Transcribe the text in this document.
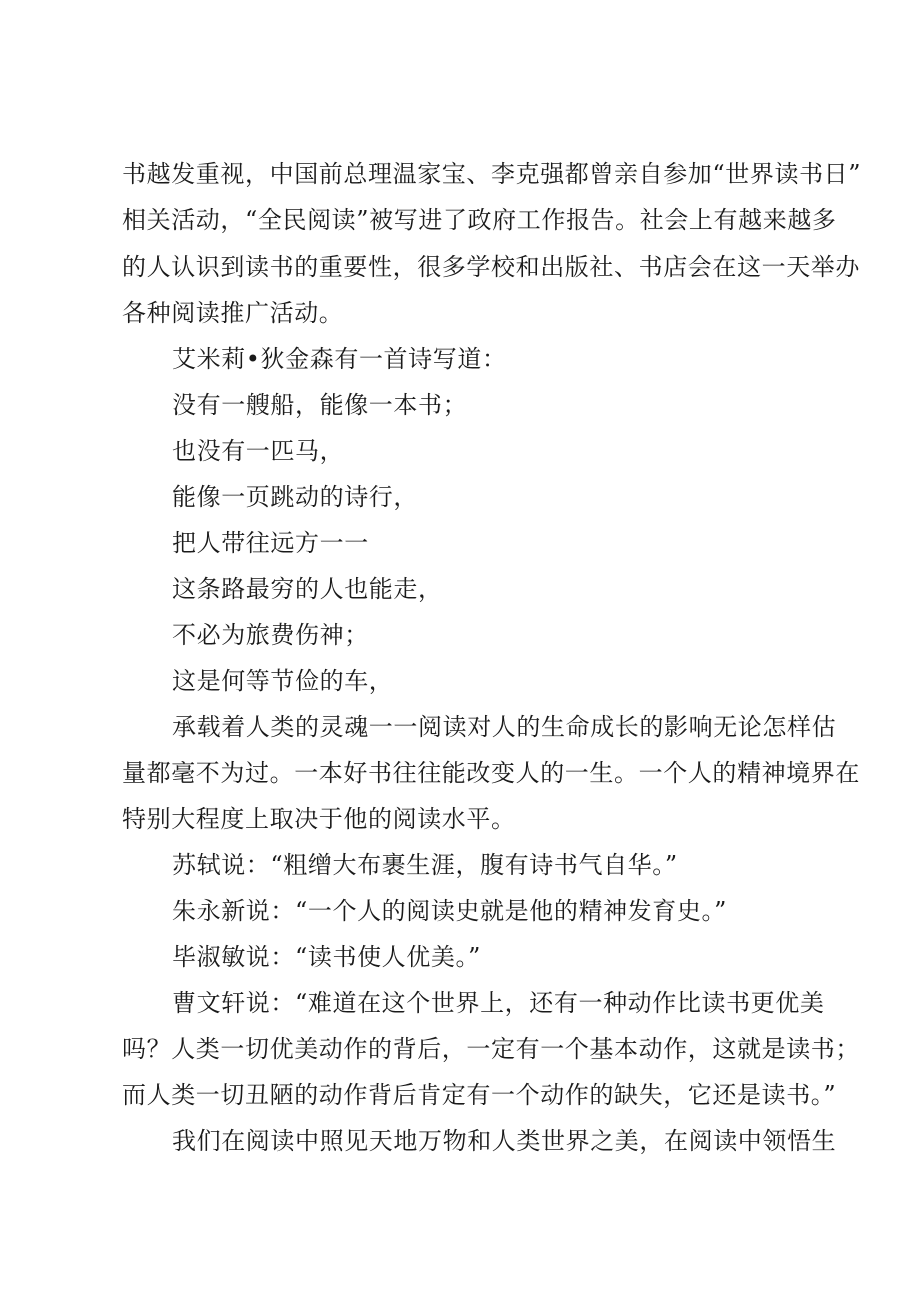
书越发重视，中国前总理温家宝、李克强都曾亲自参加“世界读书日”
相关活动，“全民阅读”被写进了政府工作报告。社会上有越来越多
的人认识到读书的重要性，很多学校和出版社、书店会在这一天举办
各种阅读推广活动。
艾米莉•狄金森有一首诗写道：
没有一艘船，能像一本书；
也没有一匹马，
能像一页跳动的诗行，
把人带往远方一一
这条路最穷的人也能走，
不必为旅费伤神；
这是何等节俭的车，
承载着人类的灵魂一一阅读对人的生命成长的影响无论怎样估
量都毫不为过。一本好书往往能改变人的一生。一个人的精神境界在
特别大程度上取决于他的阅读水平。
苏轼说：“粗缯大布裹生涯，腹有诗书气自华。”
朱永新说：“一个人的阅读史就是他的精神发育史。”
毕淑敏说：“读书使人优美。”
曹文轩说：“难道在这个世界上，还有一种动作比读书更优美
吗？人类一切优美动作的背后，一定有一个基本动作，这就是读书；
而人类一切丑陋的动作背后肯定有一个动作的缺失，它还是读书。”
我们在阅读中照见天地万物和人类世界之美，在阅读中领悟生
